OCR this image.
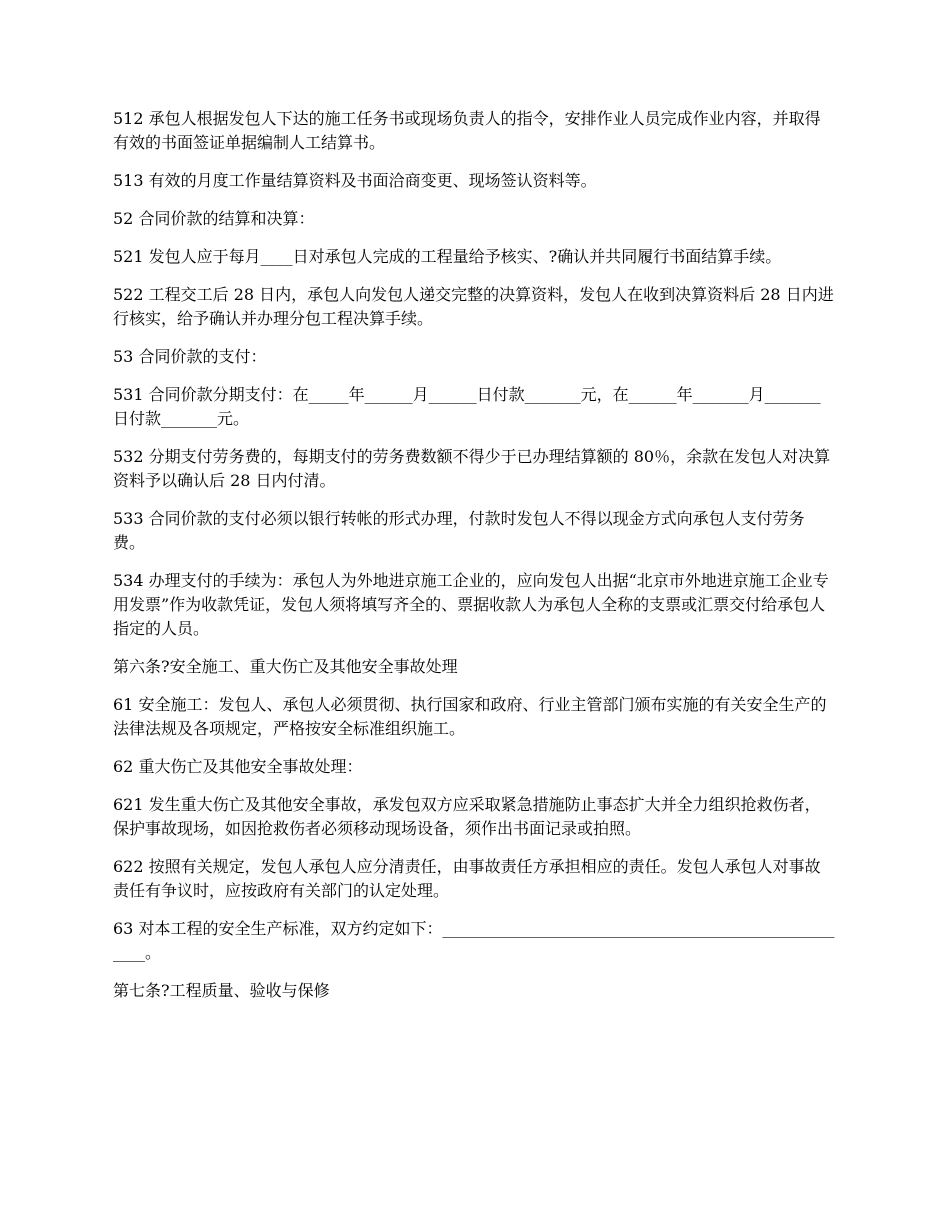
512 承包人根据发包人下达的施工任务书或现场负责人的指令，安排作业人员完成作业内容，并取得有效的书面签证单据编制人工结算书。

513 有效的月度工作量结算资料及书面洽商变更、现场签认资料等。

52 合同价款的结算和决算：

521 发包人应于每月____日对承包人完成的工程量给予核实、?确认并共同履行书面结算手续。

522 工程交工后 28 日内，承包人向发包人递交完整的决算资料，发包人在收到决算资料后 28 日内进行核实，给予确认并办理分包工程决算手续。

53 合同价款的支付：

531 合同价款分期支付：在_____年______月______日付款_______元，在______年_______月_______日付款_______元。

532 分期支付劳务费的，每期支付的劳务费数额不得少于已办理结算额的 80％，余款在发包人对决算资料予以确认后 28 日内付清。

533 合同价款的支付必须以银行转帐的形式办理，付款时发包人不得以现金方式向承包人支付劳务费。

534 办理支付的手续为：承包人为外地进京施工企业的，应向发包人出据“北京市外地进京施工企业专用发票”作为收款凭证，发包人须将填写齐全的、票据收款人为承包人全称的支票或汇票交付给承包人指定的人员。

第六条?安全施工、重大伤亡及其他安全事故处理

61 安全施工：发包人、承包人必须贯彻、执行国家和政府、行业主管部门颁布实施的有关安全生产的法律法规及各项规定，严格按安全标准组织施工。

62 重大伤亡及其他安全事故处理：

621 发生重大伤亡及其他安全事故，承发包双方应采取紧急措施防止事态扩大并全力组织抢救伤者，保护事故现场，如因抢救伤者必须移动现场设备，须作出书面记录或拍照。

622 按照有关规定，发包人承包人应分清责任，由事故责任方承担相应的责任。发包人承包人对事故责任有争议时，应按政府有关部门的认定处理。

63 对本工程的安全生产标准，双方约定如下：_____________________________________________________。

第七条?工程质量、验收与保修
